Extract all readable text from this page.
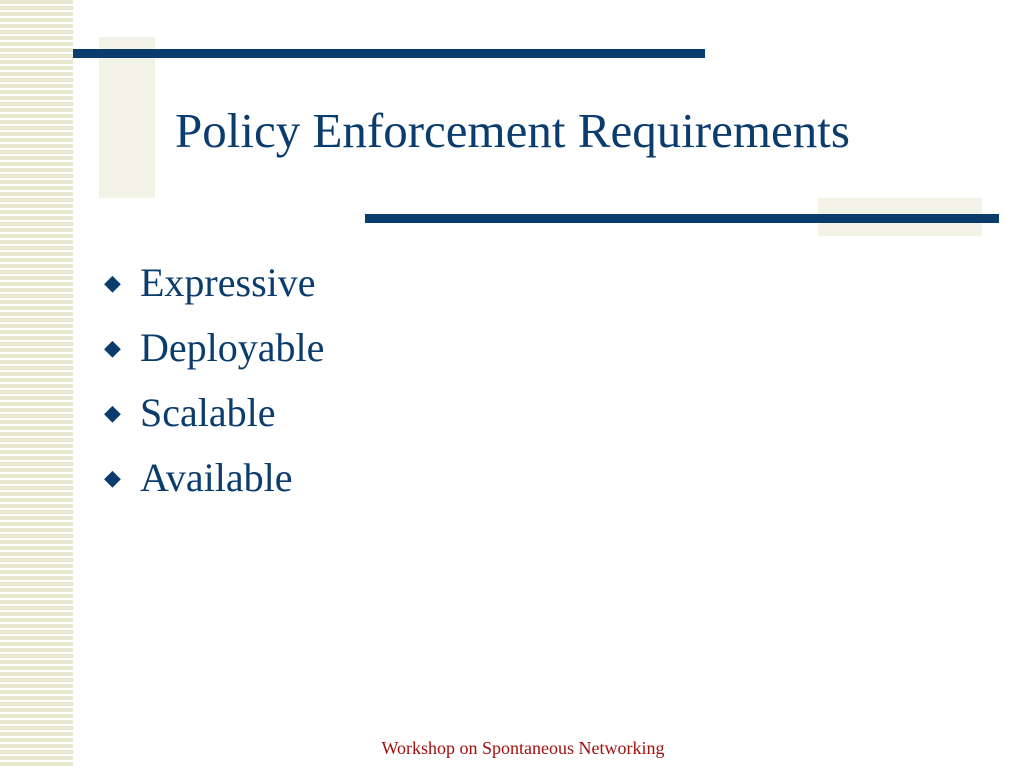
Policy Enforcement Requirements
◆ Expressive
◆ Deployable
◆ Scalable
◆ Available

Workshop on Spontaneous Networking
